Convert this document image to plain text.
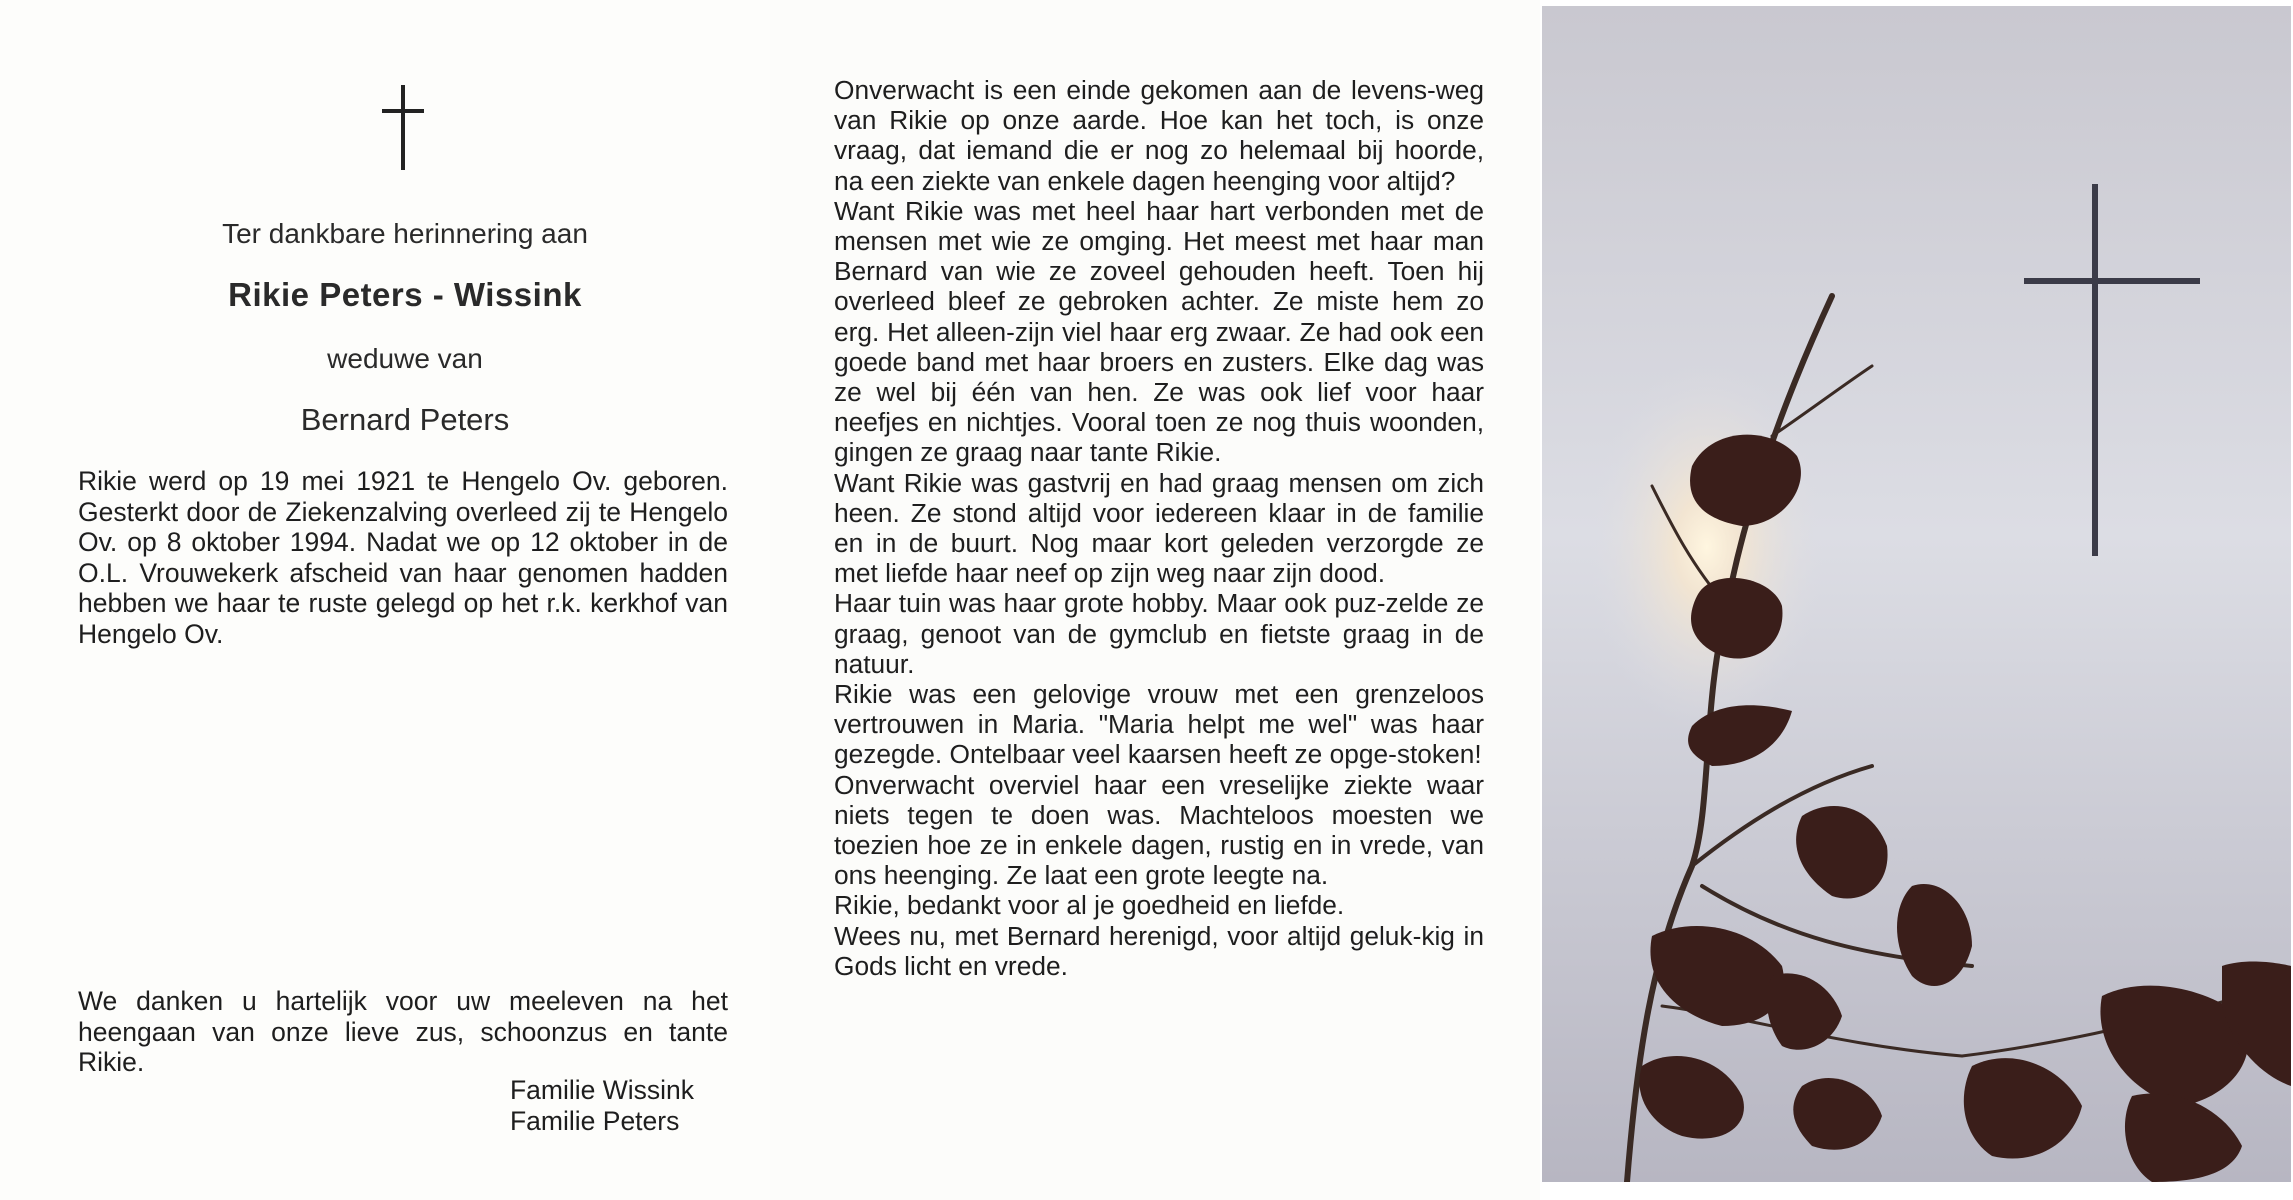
Ter dankbare herinnering aan
Rikie Peters - Wissink
weduwe van
Bernard Peters
Rikie werd op 19 mei 1921 te Hengelo Ov. geboren. Gesterkt door de Ziekenzalving overleed zij te Hengelo Ov. op 8 oktober 1994. Nadat we op 12 oktober in de O.L. Vrouwekerk afscheid van haar genomen hadden hebben we haar te ruste gelegd op het r.k. kerkhof van Hengelo Ov.
We danken u hartelijk voor uw meeleven na het heengaan van onze lieve zus, schoonzus en tante Rikie.
Familie Wissink
Familie Peters

Onverwacht is een einde gekomen aan de levens-weg van Rikie op onze aarde. Hoe kan het toch, is onze vraag, dat iemand die er nog zo helemaal bij hoorde, na een ziekte van enkele dagen heenging voor altijd?

Want Rikie was met heel haar hart verbonden met de mensen met wie ze omging. Het meest met haar man Bernard van wie ze zoveel gehouden heeft. Toen hij overleed bleef ze gebroken achter. Ze miste hem zo erg. Het alleen-zijn viel haar erg zwaar. Ze had ook een goede band met haar broers en zusters. Elke dag was ze wel bij één van hen. Ze was ook lief voor haar neefjes en nichtjes. Vooral toen ze nog thuis woonden, gingen ze graag naar tante Rikie.

Want Rikie was gastvrij en had graag mensen om zich heen. Ze stond altijd voor iedereen klaar in de familie en in de buurt. Nog maar kort geleden verzorgde ze met liefde haar neef op zijn weg naar zijn dood.

Haar tuin was haar grote hobby. Maar ook puz-zelde ze graag, genoot van de gymclub en fietste graag in de natuur.

Rikie was een gelovige vrouw met een grenzeloos vertrouwen in Maria. "Maria helpt me wel" was haar gezegde. Ontelbaar veel kaarsen heeft ze opge-stoken!

Onverwacht overviel haar een vreselijke ziekte waar niets tegen te doen was. Machteloos moesten we toezien hoe ze in enkele dagen, rustig en in vrede, van ons heenging. Ze laat een grote leegte na.

Rikie, bedankt voor al je goedheid en liefde.

Wees nu, met Bernard herenigd, voor altijd geluk-kig in Gods licht en vrede.
